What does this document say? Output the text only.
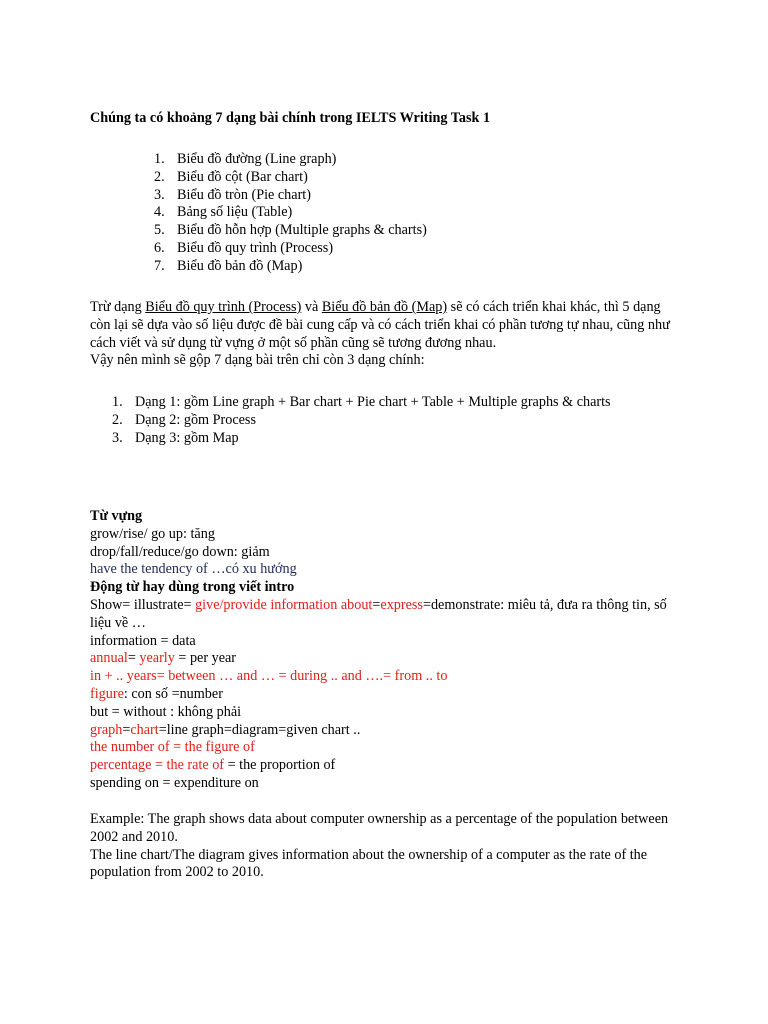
Chúng ta có khoảng 7 dạng bài chính trong IELTS Writing Task 1

1. Biểu đồ đường (Line graph)
2. Biểu đồ cột (Bar chart)
3. Biểu đồ tròn (Pie chart)
4. Bảng số liệu (Table)
5. Biểu đồ hỗn hợp (Multiple graphs & charts)
6. Biểu đồ quy trình (Process)
7. Biểu đồ bản đồ (Map)

Trừ dạng Biểu đồ quy trình (Process) và Biểu đồ bản đồ (Map) sẽ có cách triển khai khác, thì 5 dạng còn lại sẽ dựa vào số liệu được đề bài cung cấp và có cách triển khai có phần tương tự nhau, cũng như cách viết và sử dụng từ vựng ở một số phần cũng sẽ tương đương nhau.
Vậy nên mình sẽ gộp 7 dạng bài trên chỉ còn 3 dạng chính:

1. Dạng 1: gồm Line graph + Bar chart + Pie chart + Table + Multiple graphs & charts
2. Dạng 2: gồm Process
3. Dạng 3: gồm Map
Từ vựng
grow/rise/ go up: tăng
drop/fall/reduce/go down: giảm
have the tendency of …có xu hướng
Động từ hay dùng trong viết intro
Show= illustrate= give/provide information about=express=demonstrate: miêu tả, đưa ra thông tin, số liệu về …
information = data
annual= yearly = per year
in + .. years= between … and … = during .. and ….= from .. to
figure: con số =number
but = without : không phải
graph=chart=line graph=diagram=given chart ..
the number of = the figure of
percentage = the rate of = the proportion of
spending on = expenditure on
Example: The graph shows data about computer ownership as a percentage of the population between 2002 and 2010.
The line chart/The diagram gives information about the ownership of a computer as the rate of the population from 2002 to 2010.
